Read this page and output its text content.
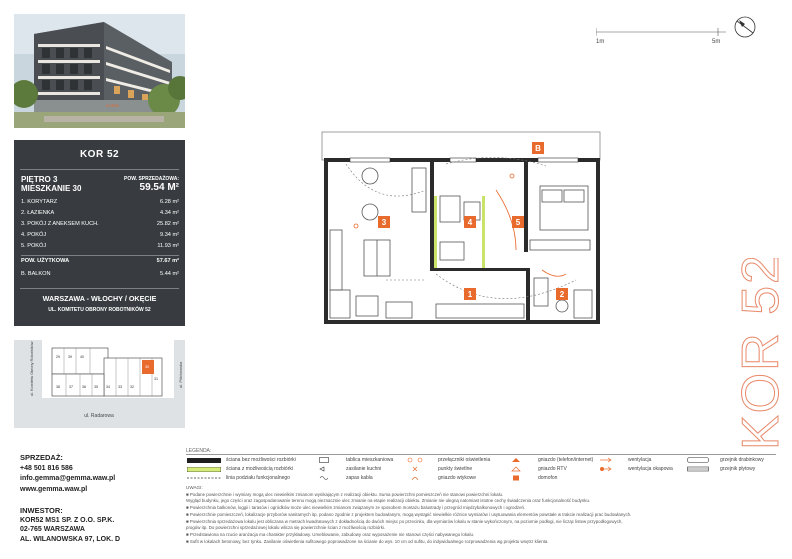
KOR52
KOR 52
PIĘTRO 3
MIESZKANIE 30
POW. SPRZEDAŻOWA:
59.54 M²
1. KORYTARZ	6.28 m²
2. ŁAZIENKA	4.34 m²
3. POKÓJ Z ANEKSEM KUCH.	25.82 m²
4. POKÓJ	9.34 m²
5. POKÓJ	11.93 m²
POW. UŻYTKOWA	57.67 m²
B. BALKON	5.44 m²
WARSZAWA - WŁOCHY / OKĘCIE
UL. KOMITETU OBRONY ROBOTNIKÓW 52
29
30
31
32
33
34
35
36
37
38
39 40
ul. Radarowa
ul. Komitetu Obrony Robotników	ul. Pilichowska
3	4	5
1	2
B
1m	5m
KOR 52
SPRZEDAŻ:
+48 501 816 586
info.gemma@gemma.waw.pl
www.gemma.waw.pl
INWESTOR:
KOR52 MS1 SP. Z O.O. SP.K.
02-765 WARSZAWA
AL. WILANOWSKA 97, LOK. D
LEGENDA:
ściana bez możliwości rozbiórki
ściana z możliwością rozbiórki
linia podziału funkcjonalnego
tablica mieszkaniowa
zasilanie kuchni
zapas kabla
przełączniki oświetlenia
punkty świetlne
gniazdo wtykowe
gniazdo (telefon/internet)
gniazdo RTV
domofon
wentylacja
wentylacja okapowa
grzejnik drabinkowy
grzejnik płytowy
UWAGI:
■ Podane powierzchnie i wymiary mogą ulec niewielkim zmianom wynikającym z realizacji obiektu. Suma powierzchni pomieszczeń nie stanowi powierzchni lokalu.
Wygląd budynku, jego części oraz zagospodarowanie terenu mogą nieznacznie ulec zmianie na etapie realizacji obiektu. Zmianie nie ulegną natomiast istotne cechy świadczenia oraz funkcjonalność budynku.
■ Powierzchnia balkonów, loggii i tarasów i ogródków może ulec niewielkim zmianom związanym ze sposobem montażu balustrady i przegród międzybalkonowych i ogrodzeń.
■ Powierzchnie pomieszczeń, lokalizacje przyborów sanitarnych itp. podano zgodnie z projektem budowlanym, mogą wystąpić niewielkie różnice wymiarów i usytuowania elementów powstałe w trakcie realizacji prac budowlanych.
■ Powierzchnia sprzedażowa lokalu jest obliczana w metrach kwadratowych z dokładnością do dwóch miejsc po przecinku, dla wymiarów lokalu w stanie wykończonym, na poziomie podłogi, nie licząc listew przypodłogowych,
progów itp. Do powierzchni sprzedażowej lokalu wlicza się powierzchnie ścian z możliwością rozbiórki.
■ Przedstawiona na rzucie aranżacja ma charakter przykładowy. Umeblowanie, zabudowy oraz wyposażenie nie stanowi części nabywanego lokalu.
■ Sufit w lokalach betonowy, bez tynku. Zasilanie oświetlenia sufitowego poprowadzone na ścianie do wys. 10 cm od sufitu, do indywidualnego rozprowadzenia wg projektu wnętrz klienta.
